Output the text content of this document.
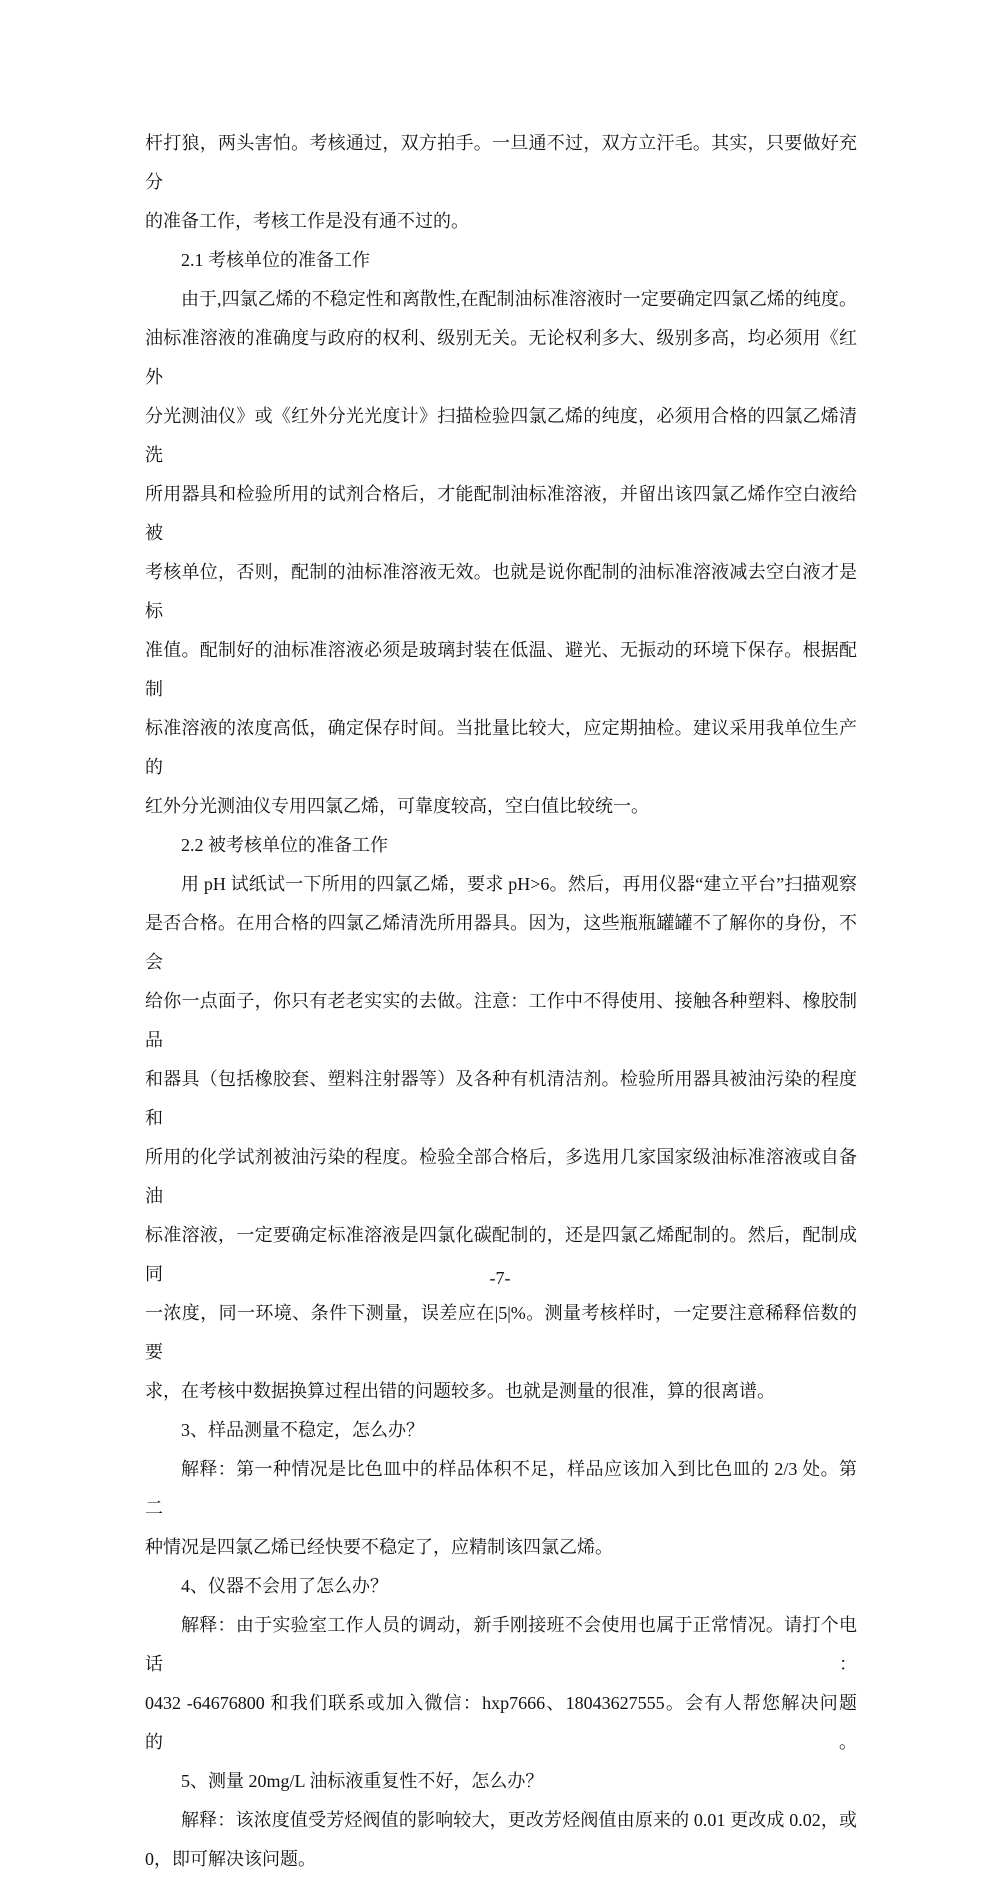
杆打狼，两头害怕。考核通过，双方拍手。一旦通不过，双方立汗毛。其实，只要做好充分
的准备工作，考核工作是没有通不过的。
2.1 考核单位的准备工作
由于,四氯乙烯的不稳定性和离散性,在配制油标准溶液时一定要确定四氯乙烯的纯度。
油标准溶液的准确度与政府的权利、级别无关。无论权利多大、级别多高，均必须用《红外
分光测油仪》或《红外分光光度计》扫描检验四氯乙烯的纯度，必须用合格的四氯乙烯清洗
所用器具和检验所用的试剂合格后，才能配制油标准溶液，并留出该四氯乙烯作空白液给被
考核单位，否则，配制的油标准溶液无效。也就是说你配制的油标准溶液减去空白液才是标
准值。配制好的油标准溶液必须是玻璃封装在低温、避光、无振动的环境下保存。根据配制
标准溶液的浓度高低，确定保存时间。当批量比较大，应定期抽检。建议采用我单位生产的
红外分光测油仪专用四氯乙烯，可靠度较高，空白值比较统一。
2.2 被考核单位的准备工作
用 pH 试纸试一下所用的四氯乙烯，要求 pH>6。然后，再用仪器“建立平台”扫描观察
是否合格。在用合格的四氯乙烯清洗所用器具。因为，这些瓶瓶罐罐不了解你的身份，不会
给你一点面子，你只有老老实实的去做。注意：工作中不得使用、接触各种塑料、橡胶制品
和器具（包括橡胶套、塑料注射器等）及各种有机清洁剂。检验所用器具被油污染的程度和
所用的化学试剂被油污染的程度。检验全部合格后，多选用几家国家级油标准溶液或自备油
标准溶液，一定要确定标准溶液是四氯化碳配制的，还是四氯乙烯配制的。然后，配制成同
一浓度，同一环境、条件下测量，误差应在|5|%。测量考核样时，一定要注意稀释倍数的要
求，在考核中数据换算过程出错的问题较多。也就是测量的很准，算的很离谱。
3、样品测量不稳定，怎么办？
解释：第一种情况是比色皿中的样品体积不足，样品应该加入到比色皿的 2/3 处。第二
种情况是四氯乙烯已经快要不稳定了，应精制该四氯乙烯。
4、仪器不会用了怎么办？
解释：由于实验室工作人员的调动，新手刚接班不会使用也属于正常情况。请打个电话：
0432 -64676800 和我们联系或加入微信：hxp7666、18043627555。会有人帮您解决问题的。
5、测量 20mg/L 油标液重复性不好，怎么办？
解释：该浓度值受芳烃阀值的影响较大，更改芳烃阀值由原来的 0.01 更改成 0.02，或
0，即可解决该问题。
-7-
